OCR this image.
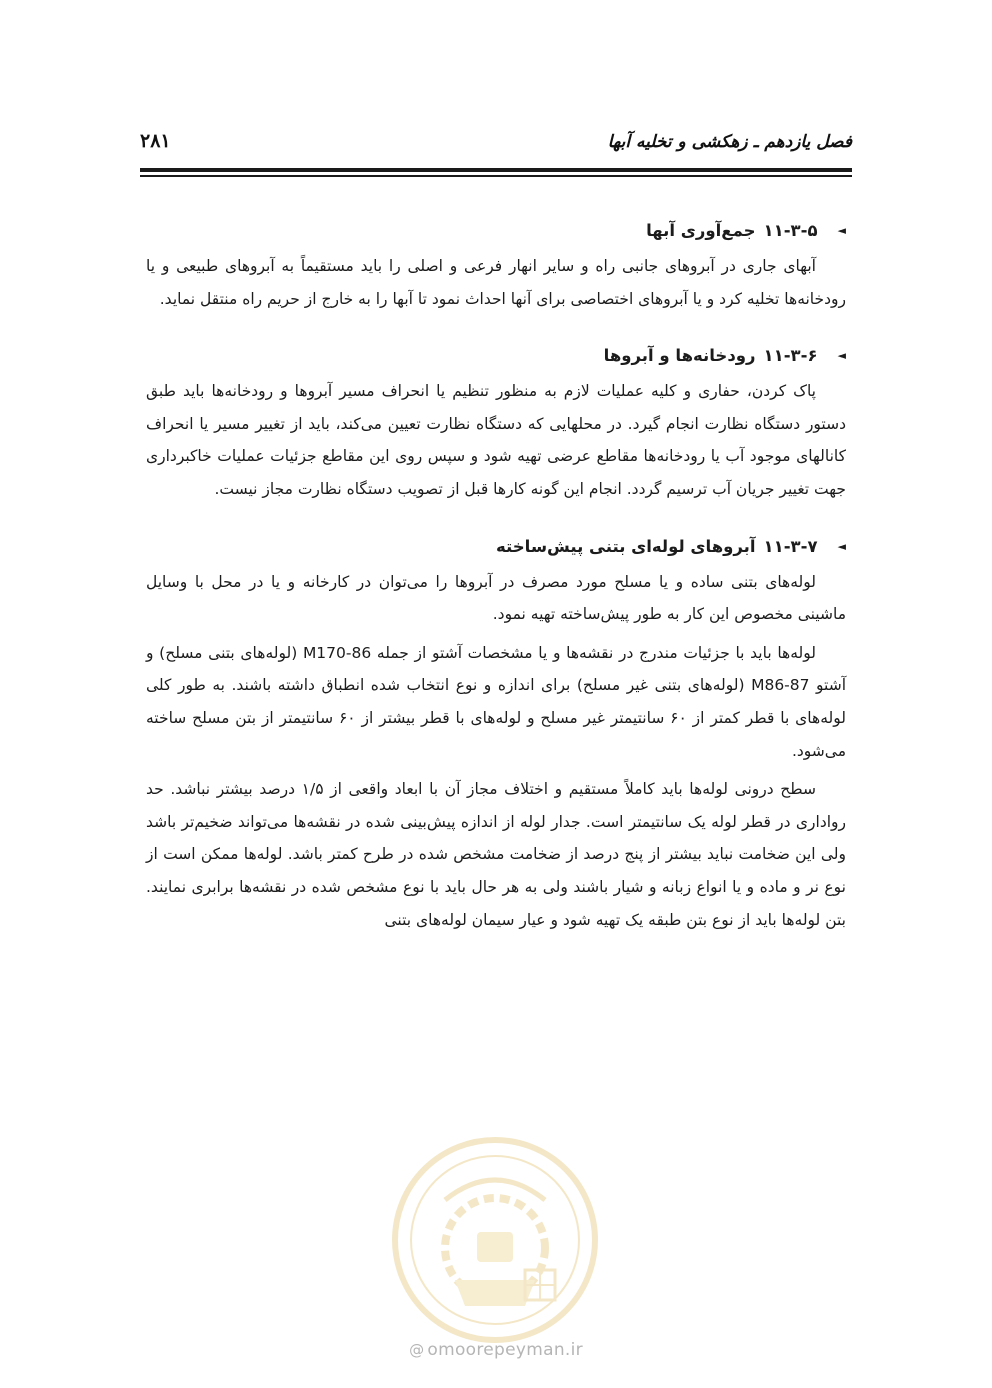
فصل یازدهم ـ زهکشی و تخلیه آبها
۲۸۱
◄۱۱-۳-۵جمع‌آوری آبها

آبهای جاری در آبروهای جانبی راه و سایر انهار فرعی و اصلی را باید مستقیماً به آبروهای طبیعی و یا رودخانه‌ها تخلیه کرد و یا آبروهای اختصاصی برای آنها احداث نمود تا آبها را به خارج از حریم راه منتقل نماید.

◄۱۱-۳-۶رودخانه‌ها و آبروها

پاک کردن، حفاری و کلیه عملیات لازم به منظور تنظیم یا انحراف مسیر آبروها و رودخانه‌ها باید طبق دستور دستگاه نظارت انجام گیرد. در محلهایی که دستگاه نظارت تعیین می‌کند، باید از تغییر مسیر یا انحراف کانالهای موجود آب یا رودخانه‌ها مقاطع عرضی تهیه شود و سپس روی این مقاطع جزئیات عملیات خاکبرداری جهت تغییر جریان آب ترسیم گردد. انجام این گونه کارها قبل از تصویب دستگاه نظارت مجاز نیست.

◄۱۱-۳-۷آبروهای لوله‌ای بتنی پیش‌ساخته

لوله‌های بتنی ساده و یا مسلح مورد مصرف در آبروها را می‌توان در کارخانه و یا در محل با وسایل ماشینی مخصوص این کار به طور پیش‌ساخته تهیه نمود.

لوله‌ها باید با جزئیات مندرج در نقشه‌ها و یا مشخصات آشتو از جمله M170-86 (لوله‌های بتنی مسلح) و آشتو M86-87 (لوله‌های بتنی غیر مسلح) برای اندازه و نوع انتخاب شده انطباق داشته باشند. به طور کلی لوله‌های با قطر کمتر از ۶۰ سانتیمتر غیر مسلح و لوله‌های با قطر بیشتر از ۶۰ سانتیمتر از بتن مسلح ساخته می‌شود.

سطح درونی لوله‌ها باید کاملاً مستقیم و اختلاف مجاز آن با ابعاد واقعی از ۱/۵ درصد بیشتر نباشد. حد رواداری در قطر لوله یک سانتیمتر است. جدار لوله از اندازه پیش‌بینی شده در نقشه‌ها می‌تواند ضخیم‌تر باشد ولی این ضخامت نباید بیشتر از پنج درصد از ضخامت مشخص شده در طرح کمتر باشد. لوله‌ها ممکن است از نوع نر و ماده و یا انواع زبانه و شیار باشند ولی به هر حال باید با نوع مشخص شده در نقشه‌ها برابری نمایند. بتن لوله‌ها باید از نوع بتن طبقه یک تهیه شود و عیار سیمان لوله‌های بتنی

@ omoorepeyman.ir
